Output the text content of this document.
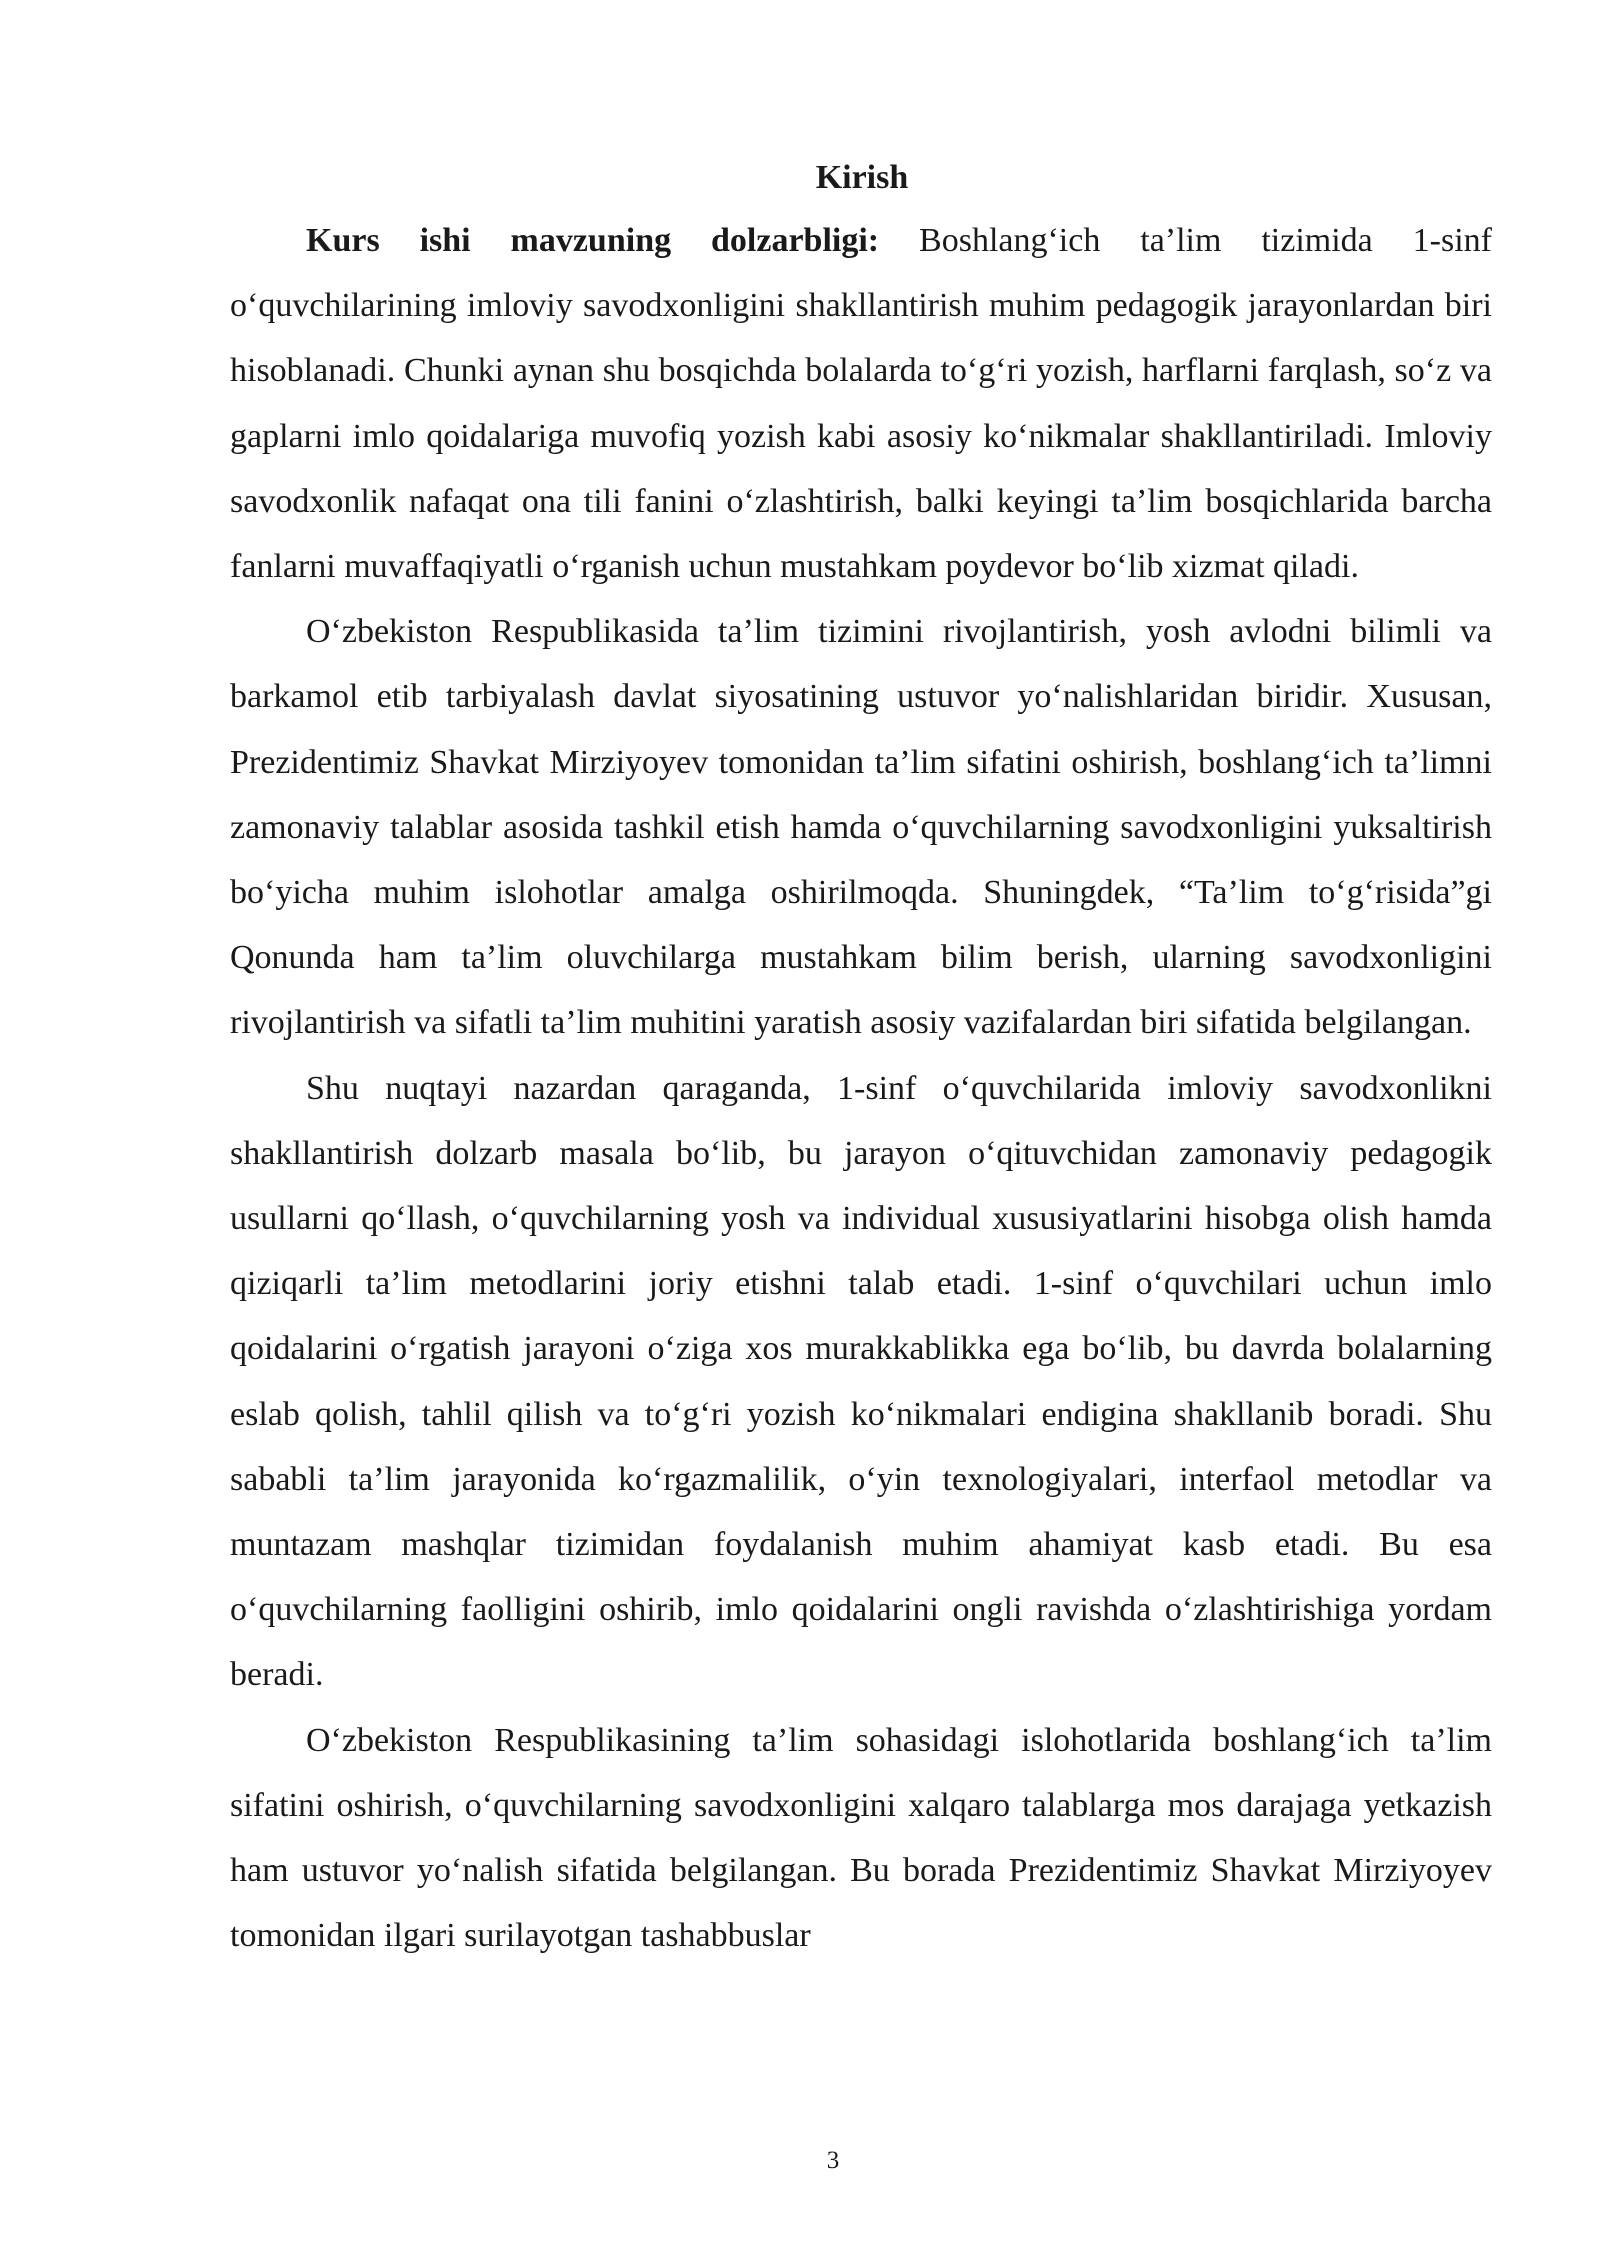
Kirish

Kurs ishi mavzuning dolzarbligi: Boshlang‘ich ta’lim tizimida 1-sinf o‘quvchilarining imloviy savodxonligini shakllantirish muhim pedagogik jarayonlardan biri hisoblanadi. Chunki aynan shu bosqichda bolalarda to‘g‘ri yozish, harflarni farqlash, so‘z va gaplarni imlo qoidalariga muvofiq yozish kabi asosiy ko‘nikmalar shakllantiriladi. Imloviy savodxonlik nafaqat ona tili fanini o‘zlashtirish, balki keyingi ta’lim bosqichlarida barcha fanlarni muvaffaqiyatli o‘rganish uchun mustahkam poydevor bo‘lib xizmat qiladi.

O‘zbekiston Respublikasida ta’lim tizimini rivojlantirish, yosh avlodni bilimli va barkamol etib tarbiyalash davlat siyosatining ustuvor yo‘nalishlaridan biridir. Xususan, Prezidentimiz Shavkat Mirziyoyev tomonidan ta’lim sifatini oshirish, boshlang‘ich ta’limni zamonaviy talablar asosida tashkil etish hamda o‘quvchilarning savodxonligini yuksaltirish bo‘yicha muhim islohotlar amalga oshirilmoqda. Shuningdek, “Ta’lim to‘g‘risida”gi Qonunda ham ta’lim oluvchilarga mustahkam bilim berish, ularning savodxonligini rivojlantirish va sifatli ta’lim muhitini yaratish asosiy vazifalardan biri sifatida belgilangan.

Shu nuqtayi nazardan qaraganda, 1-sinf o‘quvchilarida imloviy savodxonlikni shakllantirish dolzarb masala bo‘lib, bu jarayon o‘qituvchidan zamonaviy pedagogik usullarni qo‘llash, o‘quvchilarning yosh va individual xususiyatlarini hisobga olish hamda qiziqarli ta’lim metodlarini joriy etishni talab etadi. 1-sinf o‘quvchilari uchun imlo qoidalarini o‘rgatish jarayoni o‘ziga xos murakkablikka ega bo‘lib, bu davrda bolalarning eslab qolish, tahlil qilish va to‘g‘ri yozish ko‘nikmalari endigina shakllanib boradi. Shu sababli ta’lim jarayonida ko‘rgazmalilik, o‘yin texnologiyalari, interfaol metodlar va muntazam mashqlar tizimidan foydalanish muhim ahamiyat kasb etadi. Bu esa o‘quvchilarning faolligini oshirib, imlo qoidalarini ongli ravishda o‘zlashtirishiga yordam beradi.

O‘zbekiston Respublikasining ta’lim sohasidagi islohotlarida boshlang‘ich ta’lim sifatini oshirish, o‘quvchilarning savodxonligini xalqaro talablarga mos darajaga yetkazish ham ustuvor yo‘nalish sifatida belgilangan. Bu borada Prezidentimiz Shavkat Mirziyoyev tomonidan ilgari surilayotgan tashabbuslar

3
